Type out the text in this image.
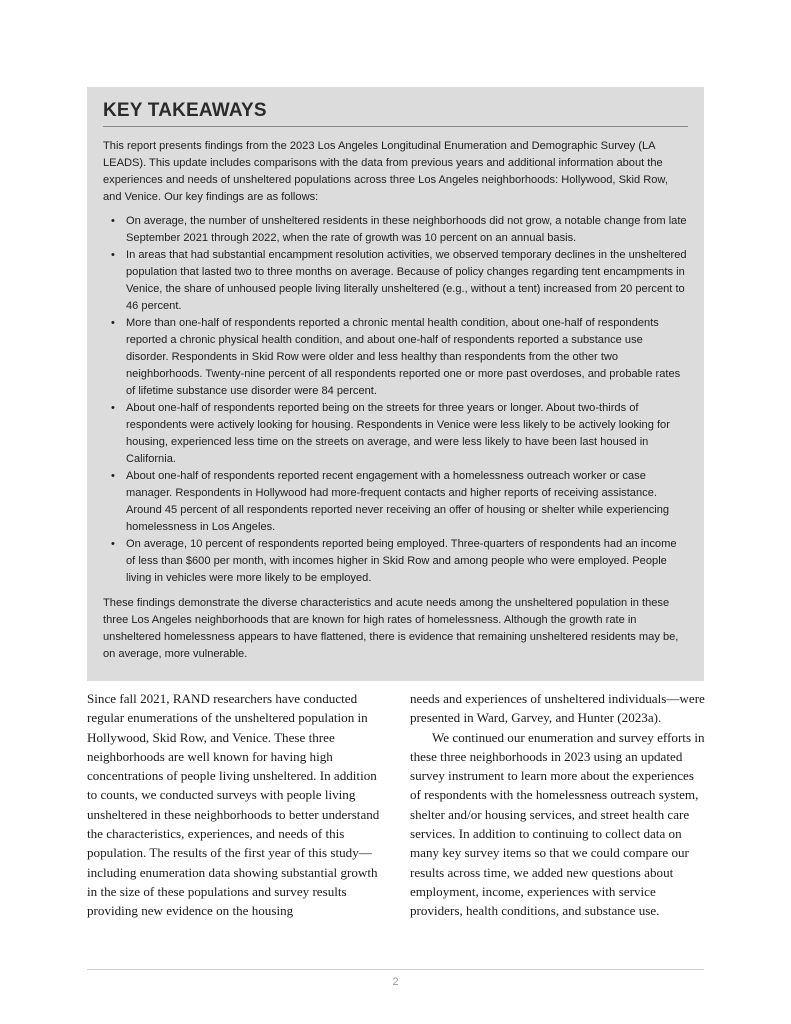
KEY TAKEAWAYS

This report presents findings from the 2023 Los Angeles Longitudinal Enumeration and Demographic Survey (LA LEADS). This update includes comparisons with the data from previous years and additional information about the experiences and needs of unsheltered populations across three Los Angeles neighborhoods: Hollywood, Skid Row, and Venice. Our key findings are as follows:

• On average, the number of unsheltered residents in these neighborhoods did not grow, a notable change from late September 2021 through 2022, when the rate of growth was 10 percent on an annual basis.
• In areas that had substantial encampment resolution activities, we observed temporary declines in the unsheltered population that lasted two to three months on average. Because of policy changes regarding tent encampments in Venice, the share of unhoused people living literally unsheltered (e.g., without a tent) increased from 20 percent to 46 percent.
• More than one-half of respondents reported a chronic mental health condition, about one-half of respondents reported a chronic physical health condition, and about one-half of respondents reported a substance use disorder. Respondents in Skid Row were older and less healthy than respondents from the other two neighborhoods. Twenty-nine percent of all respondents reported one or more past overdoses, and probable rates of lifetime substance use disorder were 84 percent.
• About one-half of respondents reported being on the streets for three years or longer. About two-thirds of respondents were actively looking for housing. Respondents in Venice were less likely to be actively looking for housing, experienced less time on the streets on average, and were less likely to have been last housed in California.
• About one-half of respondents reported recent engagement with a homelessness outreach worker or case manager. Respondents in Hollywood had more-frequent contacts and higher reports of receiving assistance. Around 45 percent of all respondents reported never receiving an offer of housing or shelter while experiencing homelessness in Los Angeles.
• On average, 10 percent of respondents reported being employed. Three-quarters of respondents had an income of less than $600 per month, with incomes higher in Skid Row and among people who were employed. People living in vehicles were more likely to be employed.

These findings demonstrate the diverse characteristics and acute needs among the unsheltered population in these three Los Angeles neighborhoods that are known for high rates of homelessness. Although the growth rate in unsheltered homelessness appears to have flattened, there is evidence that remaining unsheltered residents may be, on average, more vulnerable.

Since fall 2021, RAND researchers have conducted regular enumerations of the unsheltered population in Hollywood, Skid Row, and Venice. These three neighborhoods are well known for having high concentrations of people living unsheltered. In addition to counts, we conducted surveys with people living unsheltered in these neighborhoods to better understand the characteristics, experiences, and needs of this population. The results of the first year of this study—including enumeration data showing substantial growth in the size of these populations and survey results providing new evidence on the housing

needs and experiences of unsheltered individuals—were presented in Ward, Garvey, and Hunter (2023a).

We continued our enumeration and survey efforts in these three neighborhoods in 2023 using an updated survey instrument to learn more about the experiences of respondents with the homelessness outreach system, shelter and/or housing services, and street health care services. In addition to continuing to collect data on many key survey items so that we could compare our results across time, we added new questions about employment, income, experiences with service providers, health conditions, and substance use.

2
